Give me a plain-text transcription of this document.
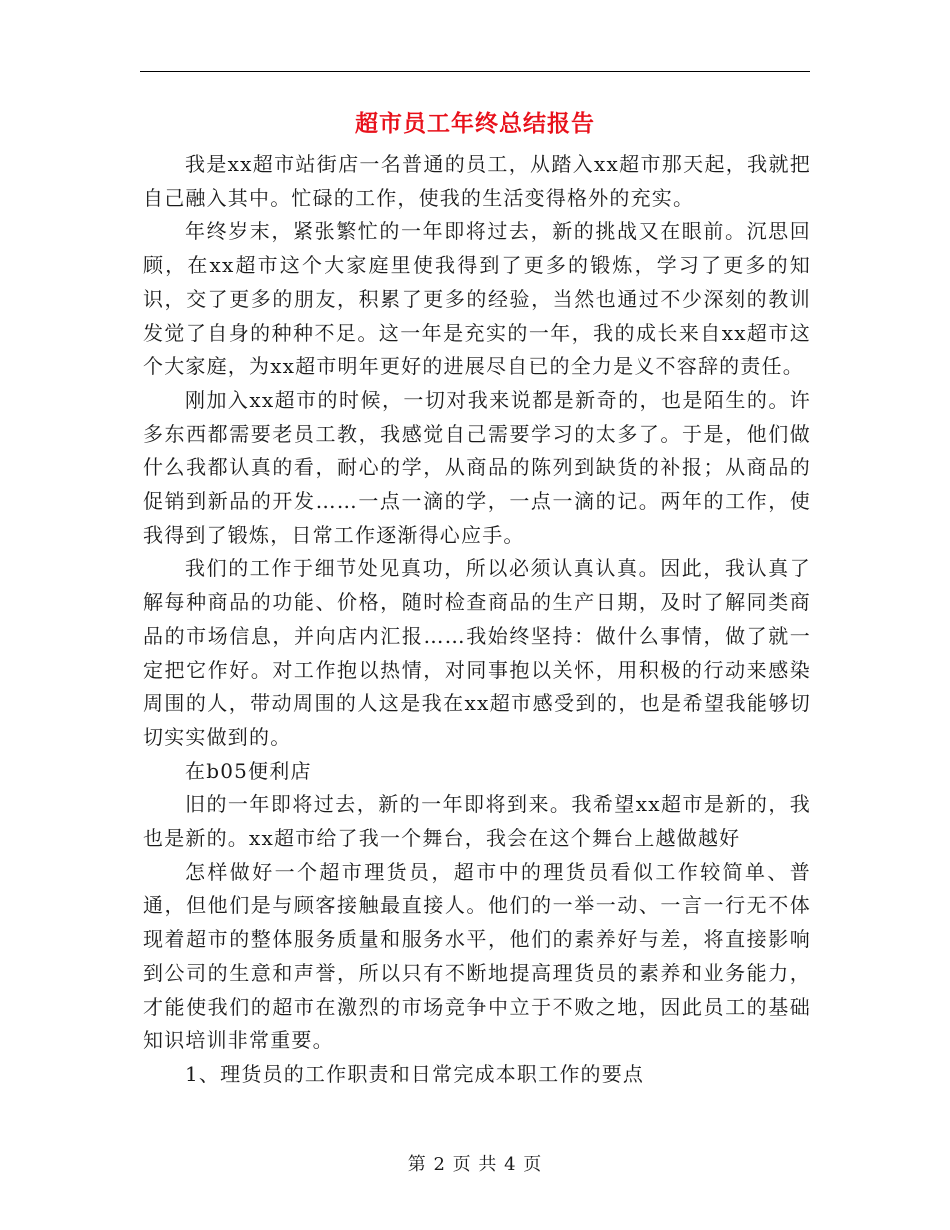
超市员工年终总结报告

我是xx超市站街店一名普通的员工，从踏入xx超市那天起，我就把自己融入其中。忙碌的工作，使我的生活变得格外的充实。

年终岁末，紧张繁忙的一年即将过去，新的挑战又在眼前。沉思回顾，在xx超市这个大家庭里使我得到了更多的锻炼，学习了更多的知识，交了更多的朋友，积累了更多的经验，当然也通过不少深刻的教训发觉了自身的种种不足。这一年是充实的一年，我的成长来自xx超市这个大家庭，为xx超市明年更好的进展尽自已的全力是义不容辞的责任。

刚加入xx超市的时候，一切对我来说都是新奇的，也是陌生的。许多东西都需要老员工教，我感觉自己需要学习的太多了。于是，他们做什么我都认真的看，耐心的学，从商品的陈列到缺货的补报；从商品的促销到新品的开发……一点一滴的学，一点一滴的记。两年的工作，使我得到了锻炼，日常工作逐渐得心应手。

我们的工作于细节处见真功，所以必须认真认真。因此，我认真了解每种商品的功能、价格，随时检查商品的生产日期，及时了解同类商品的市场信息，并向店内汇报……我始终坚持：做什么事情，做了就一定把它作好。对工作抱以热情，对同事抱以关怀，用积极的行动来感染周围的人，带动周围的人这是我在xx超市感受到的，也是希望我能够切切实实做到的。

在b05便利店

旧的一年即将过去，新的一年即将到来。我希望xx超市是新的，我也是新的。xx超市给了我一个舞台，我会在这个舞台上越做越好

怎样做好一个超市理货员，超市中的理货员看似工作较简单、普通，但他们是与顾客接触最直接人。他们的一举一动、一言一行无不体现着超市的整体服务质量和服务水平，他们的素养好与差，将直接影响到公司的生意和声誉，所以只有不断地提高理货员的素养和业务能力，才能使我们的超市在激烈的市场竞争中立于不败之地，因此员工的基础知识培训非常重要。

1、理货员的工作职责和日常完成本职工作的要点

第 2 页 共 4 页
